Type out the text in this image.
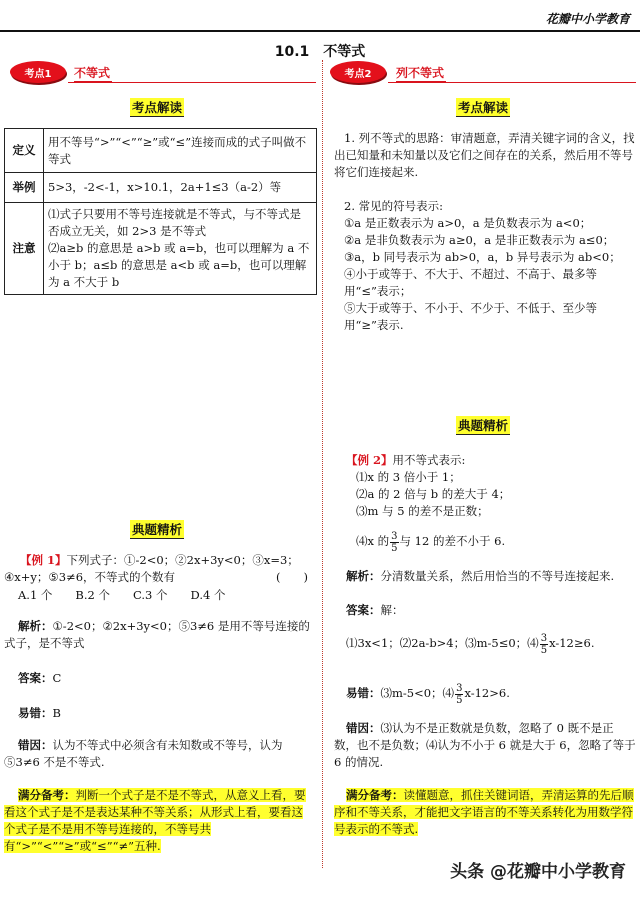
花瓣中小学教育
10.1　不等式
考点1	不等式
考点解读
定义	用不等号“>”“<”“≥”或“≤”连接而成的式子叫做不等式
举例	5>3，-2<-1，x>10.1，2a+1≤3（a-2）等
注意	⑴式子只要用不等号连接就是不等式，与不等式是否成立无关，如 2>3 是不等式
⑵a≥b 的意思是 a>b 或 a=b，也可以理解为 a 不小于 b；a≤b 的意思是 a<b 或 a=b，也可以理解为 a 不大于 b
典题精析
【例 1】下列式子：①-2<0；②2x+3y<0；③x=3；
④x+y；⑤3≠6，不等式的个数有	(　　)
A.1 个　　B.2 个　　C.3 个　　D.4 个
解析：①-2<0；②2x+3y<0；⑤3≠6 是用不等号连接的式子，是不等式
答案：C
易错：B
错因：认为不等式中必须含有未知数或不等号，认为⑤3≠6 不是不等式.
满分备考：判断一个式子是不是不等式，从意义上看，要看这个式子是不是表达某种不等关系；从形式上看，要看这个式子是不是用不等号连接的，不等号共有“>”“<”“≥”或“≤”“≠”五种.
考点2	列不等式
考点解读
1. 列不等式的思路：审清题意，弄清关键字词的含义，找出已知量和未知量以及它们之间存在的关系，然后用不等号将它们连接起来.
2. 常见的符号表示:
①a 是正数表示为 a>0，a 是负数表示为 a<0；
②a 是非负数表示为 a≥0，a 是非正数表示为 a≤0；
③a，b 同号表示为 ab>0，a，b 异号表示为 ab<0；
④小于或等于、不大于、不超过、不高于、最多等用“≤”表示；
⑤大于或等于、不小于、不少于、不低于、至少等用“≥”表示.
典题精析
【例 2】用不等式表示:
⑴x 的 3 倍小于 1；
⑵a 的 2 倍与 b 的差大于 4；
⑶m 与 5 的差不是正数；
⑷x 的 $\frac{3}{5}$ 与 12 的差不小于 6.
解析：分清数量关系，然后用恰当的不等号连接起来.
答案：解：
⑴3x<1；⑵2a-b>4；⑶m-5≤0；⑷ $\frac{3}{5} x-12\ge 6$.
易错：⑶m-5<0；⑷ $\frac{3}{5} x-12>6$.
错因：⑶认为不是正数就是负数，忽略了 0 既不是正数，也不是负数；⑷认为不小于 6 就是大于 6，忽略了等于 6 的情况.
满分备考：读懂题意，抓住关键词语，弄清运算的先后顺序和不等关系，才能把文字语言的不等关系转化为用数学符号表示的不等式.
头条 @花瓣中小学教育
